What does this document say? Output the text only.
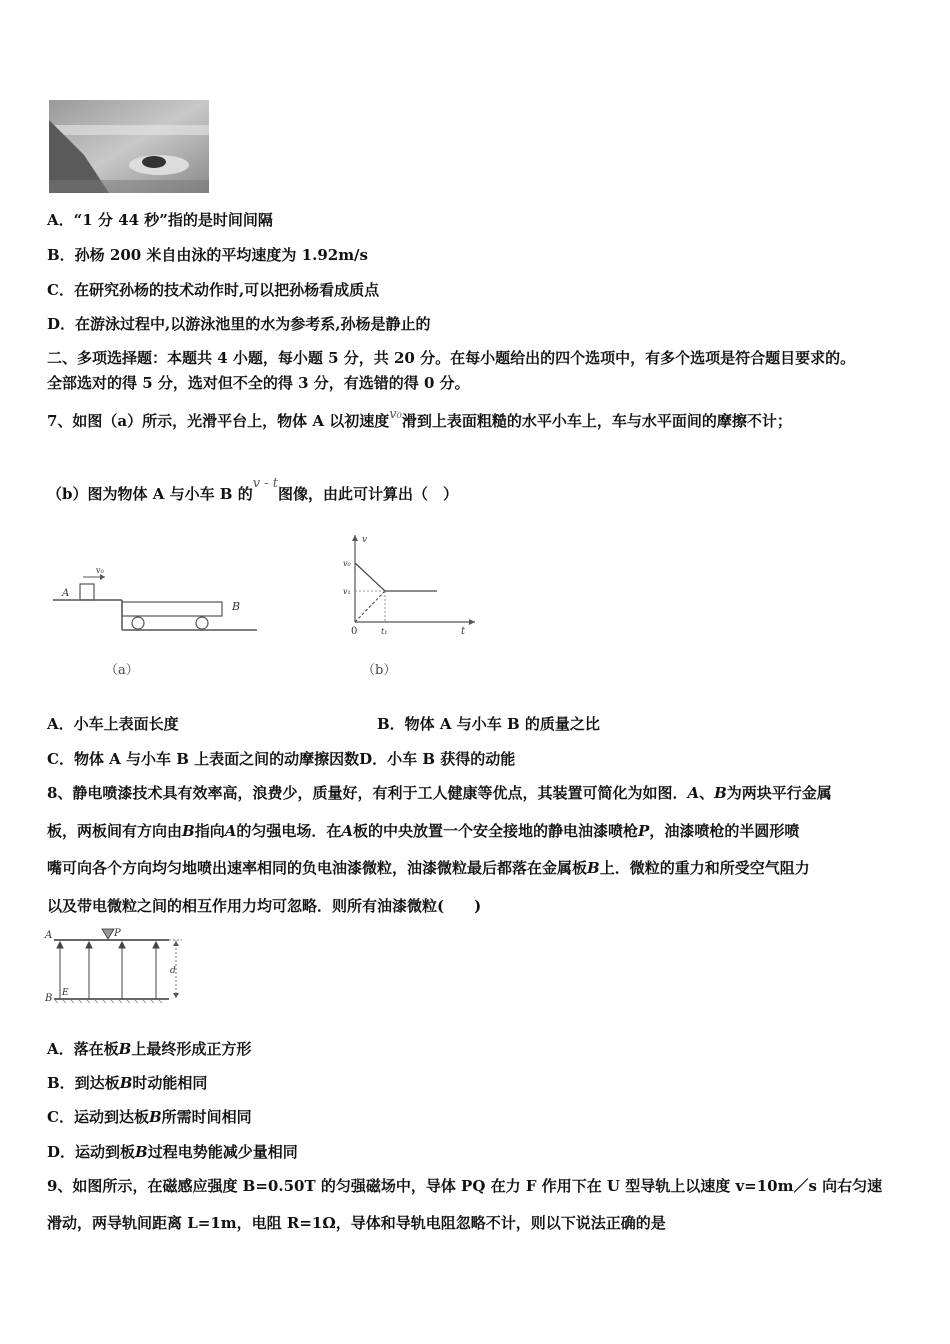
A．“1 分 44 秒”指的是时间间隔
B．孙杨 200 米自由泳的平均速度为 1.92m/s
C．在研究孙杨的技术动作时,可以把孙杨看成质点
D．在游泳过程中,以游泳池里的水为参考系,孙杨是静止的
二、多项选择题：本题共 4 小题，每小题 5 分，共 20 分。在每小题给出的四个选项中，有多个选项是符合题目要求的。
全部选对的得 5 分，选对但不全的得 3 分，有选错的得 0 分。
7、如图（a）所示，光滑平台上，物体 A 以初速度v₀滑到上表面粗糙的水平小车上，车与水平面间的摩擦不计；
（b）图为物体 A 与小车 B 的v - t图像，由此可计算出（　）
v₀
A
B
（a）
v
t
0
v₀
v₁
t₁
（b）
A．小车上表面长度	B．物体 A 与小车 B 的质量之比
C．物体 A 与小车 B 上表面之间的动摩擦因数D．小车 B 获得的动能
8、静电喷漆技术具有效率高，浪费少，质量好，有利于工人健康等优点，其装置可简化为如图．A、B为两块平行金属
板，两板间有方向由B指向A的匀强电场．在A板的中央放置一个安全接地的静电油漆喷枪P，油漆喷枪的半圆形喷
嘴可向各个方向均匀地喷出速率相同的负电油漆微粒，油漆微粒最后都落在金属板B上．微粒的重力和所受空气阻力
以及带电微粒之间的相互作用力均可忽略．则所有油漆微粒(　　)
A
B
P
E
d
A．落在板B上最终形成正方形
B．到达板B时动能相同
C．运动到达板B所需时间相同
D．运动到板B过程电势能减少量相同
9、如图所示，在磁感应强度 B=0.50T 的匀强磁场中，导体 PQ 在力 F 作用下在 U 型导轨上以速度 v=10m／s 向右匀速
滑动，两导轨间距离 L=1m，电阻 R=1Ω，导体和导轨电阻忽略不计，则以下说法正确的是
